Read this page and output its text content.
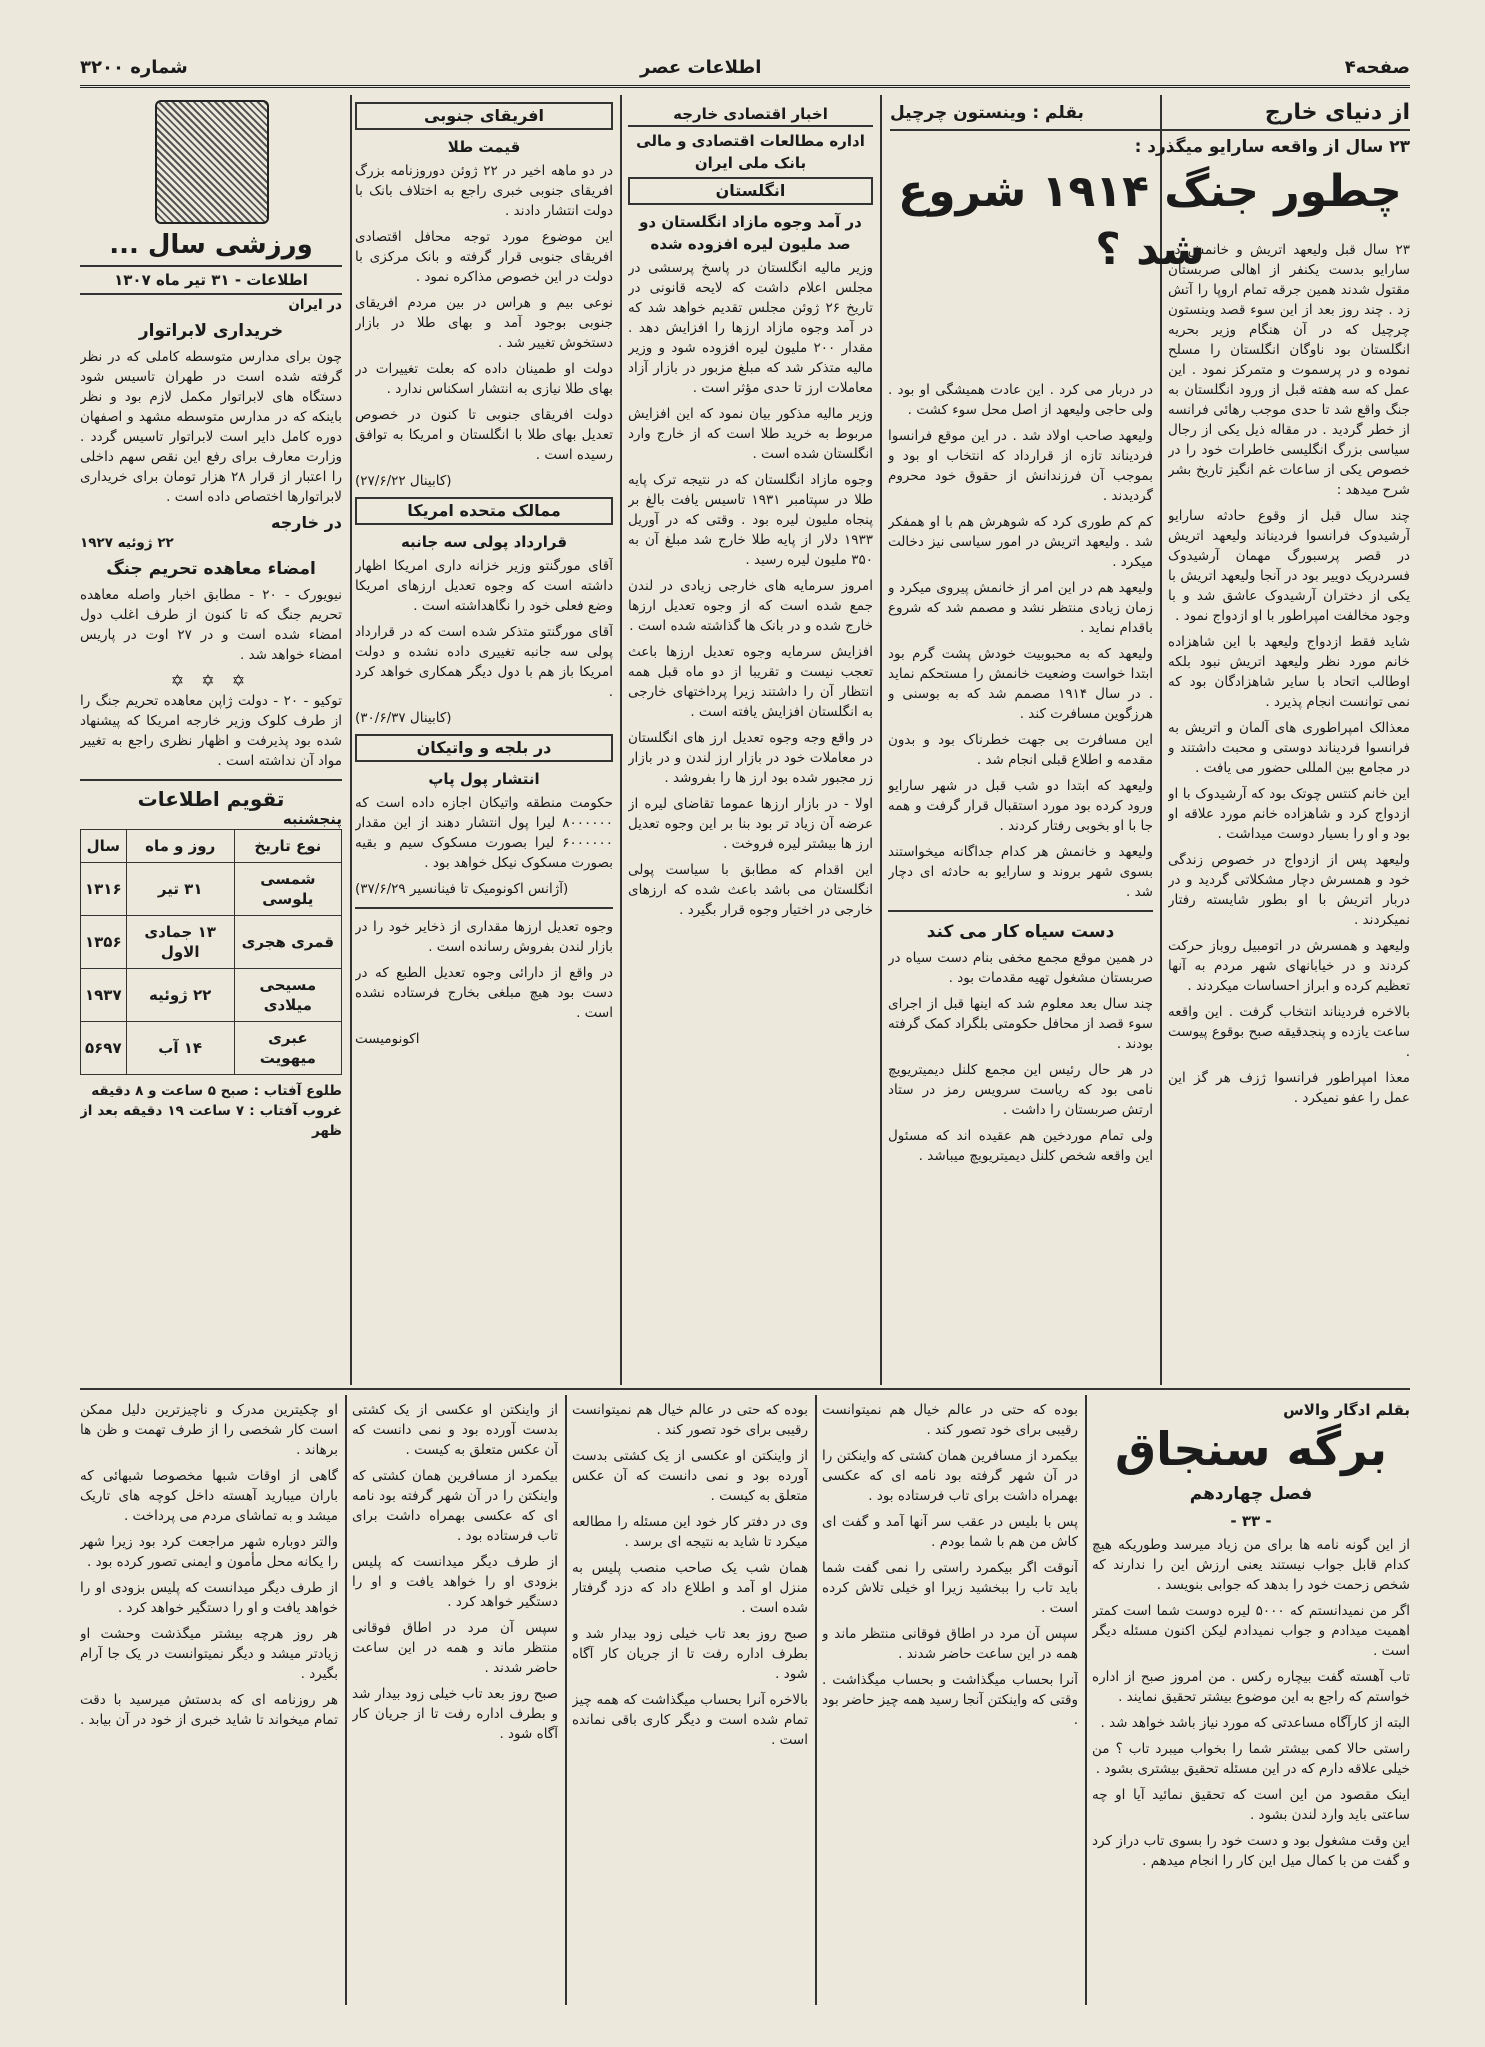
صفحه۴
اطلاعات عصر
شماره ۳۲۰۰
از دنیای خارج
بقلم : وینستون چرچیل
۲۳ سال از واقعه سارایو میگذرد :
چطور جنگ ۱۹۱۴ شروع شد ؟

۲۳ سال قبل ولیعهد اتریش و خانمش در سارایو بدست یکنفر از اهالی صربستان مقتول شدند همین جرقه تمام اروپا را آتش زد . چند روز بعد از این سوء قصد وینستون چرچیل که در آن هنگام وزیر بحریه انگلستان بود ناوگان انگلستان را مسلح نموده و در پرسموت و متمرکز نمود . این عمل که سه هفته قبل از ورود انگلستان به جنگ واقع شد تا حدی موجب رهائی فرانسه از خطر گردید . در مقاله ذیل یکی از رجال سیاسی بزرگ انگلیسی خاطرات خود را در خصوص یکی از ساعات غم انگیز تاریخ بشر شرح میدهد :

چند سال قبل از وقوع حادثه سارایو آرشیدوک فرانسوا فردیناند ولیعهد اتریش در قصر پرسبورگ مهمان آرشیدوک فسردریک دوییر بود در آنجا ولیعهد اتریش با یکی از دختران آرشیدوک عاشق شد و با وجود مخالفت امپراطور با او ازدواج نمود .

شاید فقط ازدواج ولیعهد با این شاهزاده خانم مورد نظر ولیعهد اتریش نبود بلکه اوطالب اتحاد با سایر شاهزادگان بود که نمی توانست انجام پذیرد .

معذالک امپراطوری های آلمان و اتریش به فرانسوا فردیناند دوستی و محبت داشتند و در مجامع بین المللی حضور می یافت .

این خانم کنتس چوتک بود که آرشیدوک با او ازدواج کرد و شاهزاده خانم مورد علاقه او بود و او را بسیار دوست میداشت .

ولیعهد پس از ازدواج در خصوص زندگی خود و همسرش دچار مشکلاتی گردید و در دربار اتریش با او بطور شایسته رفتار نمیکردند .

ولیعهد و همسرش در اتومبیل روباز حرکت کردند و در خیابانهای شهر مردم به آنها تعظیم کرده و ابراز احساسات میکردند .

بالاخره فردیناند انتخاب گرفت . این واقعه ساعت یازده و پنجدقیقه صبح بوقوع پیوست .

معذا امپراطور فرانسوا ژزف هر گز این عمل را عفو نمیکرد .

در دربار می کرد . این عادت همیشگی او بود . ولی حاجی ولیعهد از اصل محل سوء کشت .

ولیعهد صاحب اولاد شد . در این موقع فرانسوا فردیناند تازه از قرارداد که انتخاب او بود و بموجب آن فرزندانش از حقوق خود محروم گردیدند .

کم کم طوری کرد که شوهرش هم با او همفکر شد . ولیعهد اتریش در امور سیاسی نیز دخالت میکرد .

ولیعهد هم در این امر از خانمش پیروی میکرد و زمان زیادی منتظر نشد و مصمم شد که شروع باقدام نماید .

ولیعهد که به محبوبیت خودش پشت گرم بود ابتدا خواست وضعیت خانمش را مستحکم نماید . در سال ۱۹۱۴ مصمم شد که به بوسنی و هرزگوین مسافرت کند .

این مسافرت بی جهت خطرناک بود و بدون مقدمه و اطلاع قبلی انجام شد .

ولیعهد که ابتدا دو شب قبل در شهر سارایو ورود کرده بود مورد استقبال قرار گرفت و همه جا با او بخوبی رفتار کردند .

ولیعهد و خانمش هر کدام جداگانه میخواستند بسوی شهر بروند و سارایو به حادثه ای دچار شد .

دست سیاه کار می کند

در همین موقع مجمع مخفی بنام دست سیاه در صربستان مشغول تهیه مقدمات بود .

چند سال بعد معلوم شد که اینها قبل از اجرای سوء قصد از محافل حکومتی بلگراد کمک گرفته بودند .

در هر حال رئیس این مجمع کلنل دیمیتریویچ نامی بود که ریاست سرویس رمز در ستاد ارتش صربستان را داشت .

ولی تمام موردخین هم عقیده اند که مسئول این واقعه شخص کلنل دیمیتریویچ میباشد .

اخبار اقتصادی خارجه
اداره مطالعات اقتصادی و مالی بانک ملی ایران
انگلستان
در آمد وجوه مازاد انگلستان دو صد ملیون لیره افزوده شده

وزیر مالیه انگلستان در پاسخ پرسشی در مجلس اعلام داشت که لایحه قانونی در تاریخ ۲۶ ژوئن مجلس تقدیم خواهد شد که در آمد وجوه مازاد ارزها را افزایش دهد . مقدار ۲۰۰ ملیون لیره افزوده شود و وزیر مالیه متذکر شد که مبلغ مزبور در بازار آزاد معاملات ارز تا حدی مؤثر است .

وزیر مالیه مذکور بیان نمود که این افزایش مربوط به خرید طلا است که از خارج وارد انگلستان شده است .

وجوه مازاد انگلستان که در نتیجه ترک پایه طلا در سپتامبر ۱۹۳۱ تاسیس یافت بالغ بر پنجاه ملیون لیره بود . وقتی که در آوریل ۱۹۳۳ دلار از پایه طلا خارج شد مبلغ آن به ۳۵۰ ملیون لیره رسید .

امروز سرمایه های خارجی زیادی در لندن جمع شده است که از وجوه تعدیل ارزها خارج شده و در بانک ها گذاشته شده است .

افزایش سرمایه وجوه تعدیل ارزها باعث تعجب نیست و تقریبا از دو ماه قبل همه انتظار آن را داشتند زیرا پرداختهای خارجی به انگلستان افزایش یافته است .

در واقع وجه وجوه تعدیل ارز های انگلستان در معاملات خود در بازار ارز لندن و در بازار زر مجبور شده بود ارز ها را بفروشد .

اولا - در بازار ارزها عموما تقاضای لیره از عرضه آن زیاد تر بود بنا بر این وجوه تعدیل ارز ها بیشتر لیره فروخت .

این اقدام که مطابق با سیاست پولی انگلستان می باشد باعث شده که ارزهای خارجی در اختیار وجوه قرار بگیرد .

افریقای جنوبی
قیمت طلا

در دو ماهه اخیر در ۲۲ ژوئن دوروزنامه بزرگ افریقای جنوبی خبری راجع به اختلاف بانک با دولت انتشار دادند .

این موضوع مورد توجه محافل اقتصادی افریقای جنوبی قرار گرفته و بانک مرکزی با دولت در این خصوص مذاکره نمود .

نوعی بیم و هراس در بین مردم افریقای جنوبی بوجود آمد و بهای طلا در بازار دستخوش تغییر شد .

دولت او طمینان داده که بعلت تغییرات در بهای طلا نیازی به انتشار اسکناس ندارد .

دولت افریقای جنوبی تا کنون در خصوص تعدیل بهای طلا با انگلستان و امریکا به توافق رسیده است .

(کابینال ۲۷/۶/۲۲)

ممالک متحده امریکا
قرارداد پولی سه جانبه

آقای مورگنتو وزیر خزانه داری امریکا اظهار داشته است که وجوه تعدیل ارزهای امریکا وضع فعلی خود را نگاهداشته است .

آقای مورگنتو متذکر شده است که در قرارداد پولی سه جانبه تغییری داده نشده و دولت امریکا باز هم با دول دیگر همکاری خواهد کرد .

(کابینال ۳۰/۶/۳۷)

در بلجه و واتیکان
انتشار پول پاپ

حکومت منطقه واتیکان اجازه داده است که ۸۰۰۰۰۰۰ لیرا پول انتشار دهند از این مقدار ۶۰۰۰۰۰۰ لیرا بصورت مسکوک سیم و بقیه بصورت مسکوک نیکل خواهد بود .

(آژانس اکونومیک تا فینانسیر ۳۷/۶/۲۹)

وجوه تعدیل ارزها مقداری از ذخایر خود را در بازار لندن بفروش رسانده است .

در واقع از دارائی وجوه تعدیل الطبع که در دست بود هیچ مبلغی بخارج فرستاده نشده است .

اکونومیست

ورزشی سال ...
اطلاعات - ۳۱ تیر ماه ۱۳۰۷
در ایران
خریداری لابراتوار

چون برای مدارس متوسطه کاملی که در نظر گرفته شده است در طهران تاسیس شود دستگاه های لابراتوار مکمل لازم بود و نظر باینکه که در مدارس متوسطه مشهد و اصفهان دوره کامل دایر است لابراتوار تاسیس گردد . وزارت معارف برای رفع این نقص سهم داخلی را اعتبار از قرار ۲۸ هزار تومان برای خریداری لابراتوارها اختصاص داده است .

در خارجه
۲۲ ژوئیه ۱۹۲۷
امضاء معاهده تحریم جنگ

نیویورک - ۲۰ - مطابق اخبار واصله معاهده تحریم جنگ که تا کنون از طرف اغلب دول امضاء شده است و در ۲۷ اوت در پاریس امضاء خواهد شد .

✡ ✡ ✡

توکیو - ۲۰ - دولت ژاپن معاهده تحریم جنگ را از طرف کلوک وزیر خارجه امریکا که پیشنهاد شده بود پذیرفت و اظهار نظری راجع به تغییر مواد آن نداشته است .

تقویم اطلاعات
پنجشنبه
نوع تاریخ	روز و ماه	سال
شمسی یلوسی	۳۱ تیر	۱۳۱۶
قمری هجری	۱۳ جمادی الاول	۱۳۵۶
مسیحی میلادی	۲۲ ژوئیه	۱۹۳۷
عبری میهویت	۱۴ آب	۵۶۹۷
طلوع آفتاب : صبح ۵ ساعت و ۸ دقیقه
غروب آفتاب : ۷ ساعت ۱۹ دقیقه بعد از ظهر
بقلم ادگار والاس
برگه سنجاق
فصل چهاردهم
- ۳۳ -

از این گونه نامه ها برای من زیاد میرسد وطوریکه هیچ کدام قابل جواب نیستند یعنی ارزش این را ندارند که شخص زحمت خود را بدهد که جوابی بنویسد .

اگر من نمیدانستم که ۵۰۰۰ لیره دوست شما است کمتر اهمیت میدادم و جواب نمیدادم لیکن اکنون مسئله دیگر است .

تاب آهسته گفت بیچاره رکس . من امروز صبح از اداره خواستم که راجع به این موضوع بیشتر تحقیق نمایند .

البته از کارآگاه مساعدتی که مورد نیاز باشد خواهد شد .

راستی حالا کمی بیشتر شما را بخواب میبرد تاب ؟ من خیلی علاقه دارم که در این مسئله تحقیق بیشتری بشود .

اینک مقصود من این است که تحقیق نمائید آیا او چه ساعتی باید وارد لندن بشود .

این وقت مشغول بود و دست خود را بسوی تاب دراز کرد و گفت من با کمال میل این کار را انجام میدهم .

بوده که حتی در عالم خیال هم نمیتوانست رقیبی برای خود تصور کند .

بیکمرد از مسافرین همان کشتی که واینکتن را در آن شهر گرفته بود نامه ای که عکسی بهمراه داشت برای تاب فرستاده بود .

پس با بلیس در عقب سر آنها آمد و گفت ای کاش من هم با شما بودم .

آنوقت اگر بیکمرد راستی را نمی گفت شما باید تاب را ببخشید زیرا او خیلی تلاش کرده است .

سپس آن مرد در اطاق فوقانی منتظر ماند و همه در این ساعت حاضر شدند .

آنرا بحساب میگذاشت و بحساب میگذاشت . وقتی که واینکتن آنجا رسید همه چیز حاضر بود .

بوده که حتی در عالم خیال هم نمیتوانست رقیبی برای خود تصور کند .

از واینکتن او عکسی از یک کشتی بدست آورده بود و نمی دانست که آن عکس متعلق به کیست .

وی در دفتر کار خود این مسئله را مطالعه میکرد تا شاید به نتیجه ای برسد .

همان شب یک صاحب منصب پلیس به منزل او آمد و اطلاع داد که دزد گرفتار شده است .

صبح روز بعد تاب خیلی زود بیدار شد و بطرف اداره رفت تا از جریان کار آگاه شود .

بالاخره آنرا بحساب میگذاشت که همه چیز تمام شده است و دیگر کاری باقی نمانده است .

او چکیترین مدرک و ناچیزترین دلیل ممکن است کار شخصی را از طرف تهمت و ظن ها برهاند .

گاهی از اوقات شبها مخصوصا شبهائی که باران میبارید آهسته داخل کوچه های تاریک میشد و به تماشای مردم می پرداخت .

والتر دوباره شهر مراجعت کرد بود زیرا شهر را یکانه محل مأمون و ایمنی تصور کرده بود .

از طرف دیگر میدانست که پلیس بزودی او را خواهد یافت و او را دستگیر خواهد کرد .

هر روز هرچه بیشتر میگذشت وحشت او زیادتر میشد و دیگر نمیتوانست در یک جا آرام بگیرد .

هر روزنامه ای که بدستش میرسید با دقت تمام میخواند تا شاید خبری از خود در آن بیابد .

از واینکتن او عکسی از یک کشتی بدست آورده بود و نمی دانست که آن عکس متعلق به کیست .

بیکمرد از مسافرین همان کشتی که واینکتن را در آن شهر گرفته بود نامه ای که عکسی بهمراه داشت برای تاب فرستاده بود .

از طرف دیگر میدانست که پلیس بزودی او را خواهد یافت و او را دستگیر خواهد کرد .

سپس آن مرد در اطاق فوقانی منتظر ماند و همه در این ساعت حاضر شدند .

صبح روز بعد تاب خیلی زود بیدار شد و بطرف اداره رفت تا از جریان کار آگاه شود .
